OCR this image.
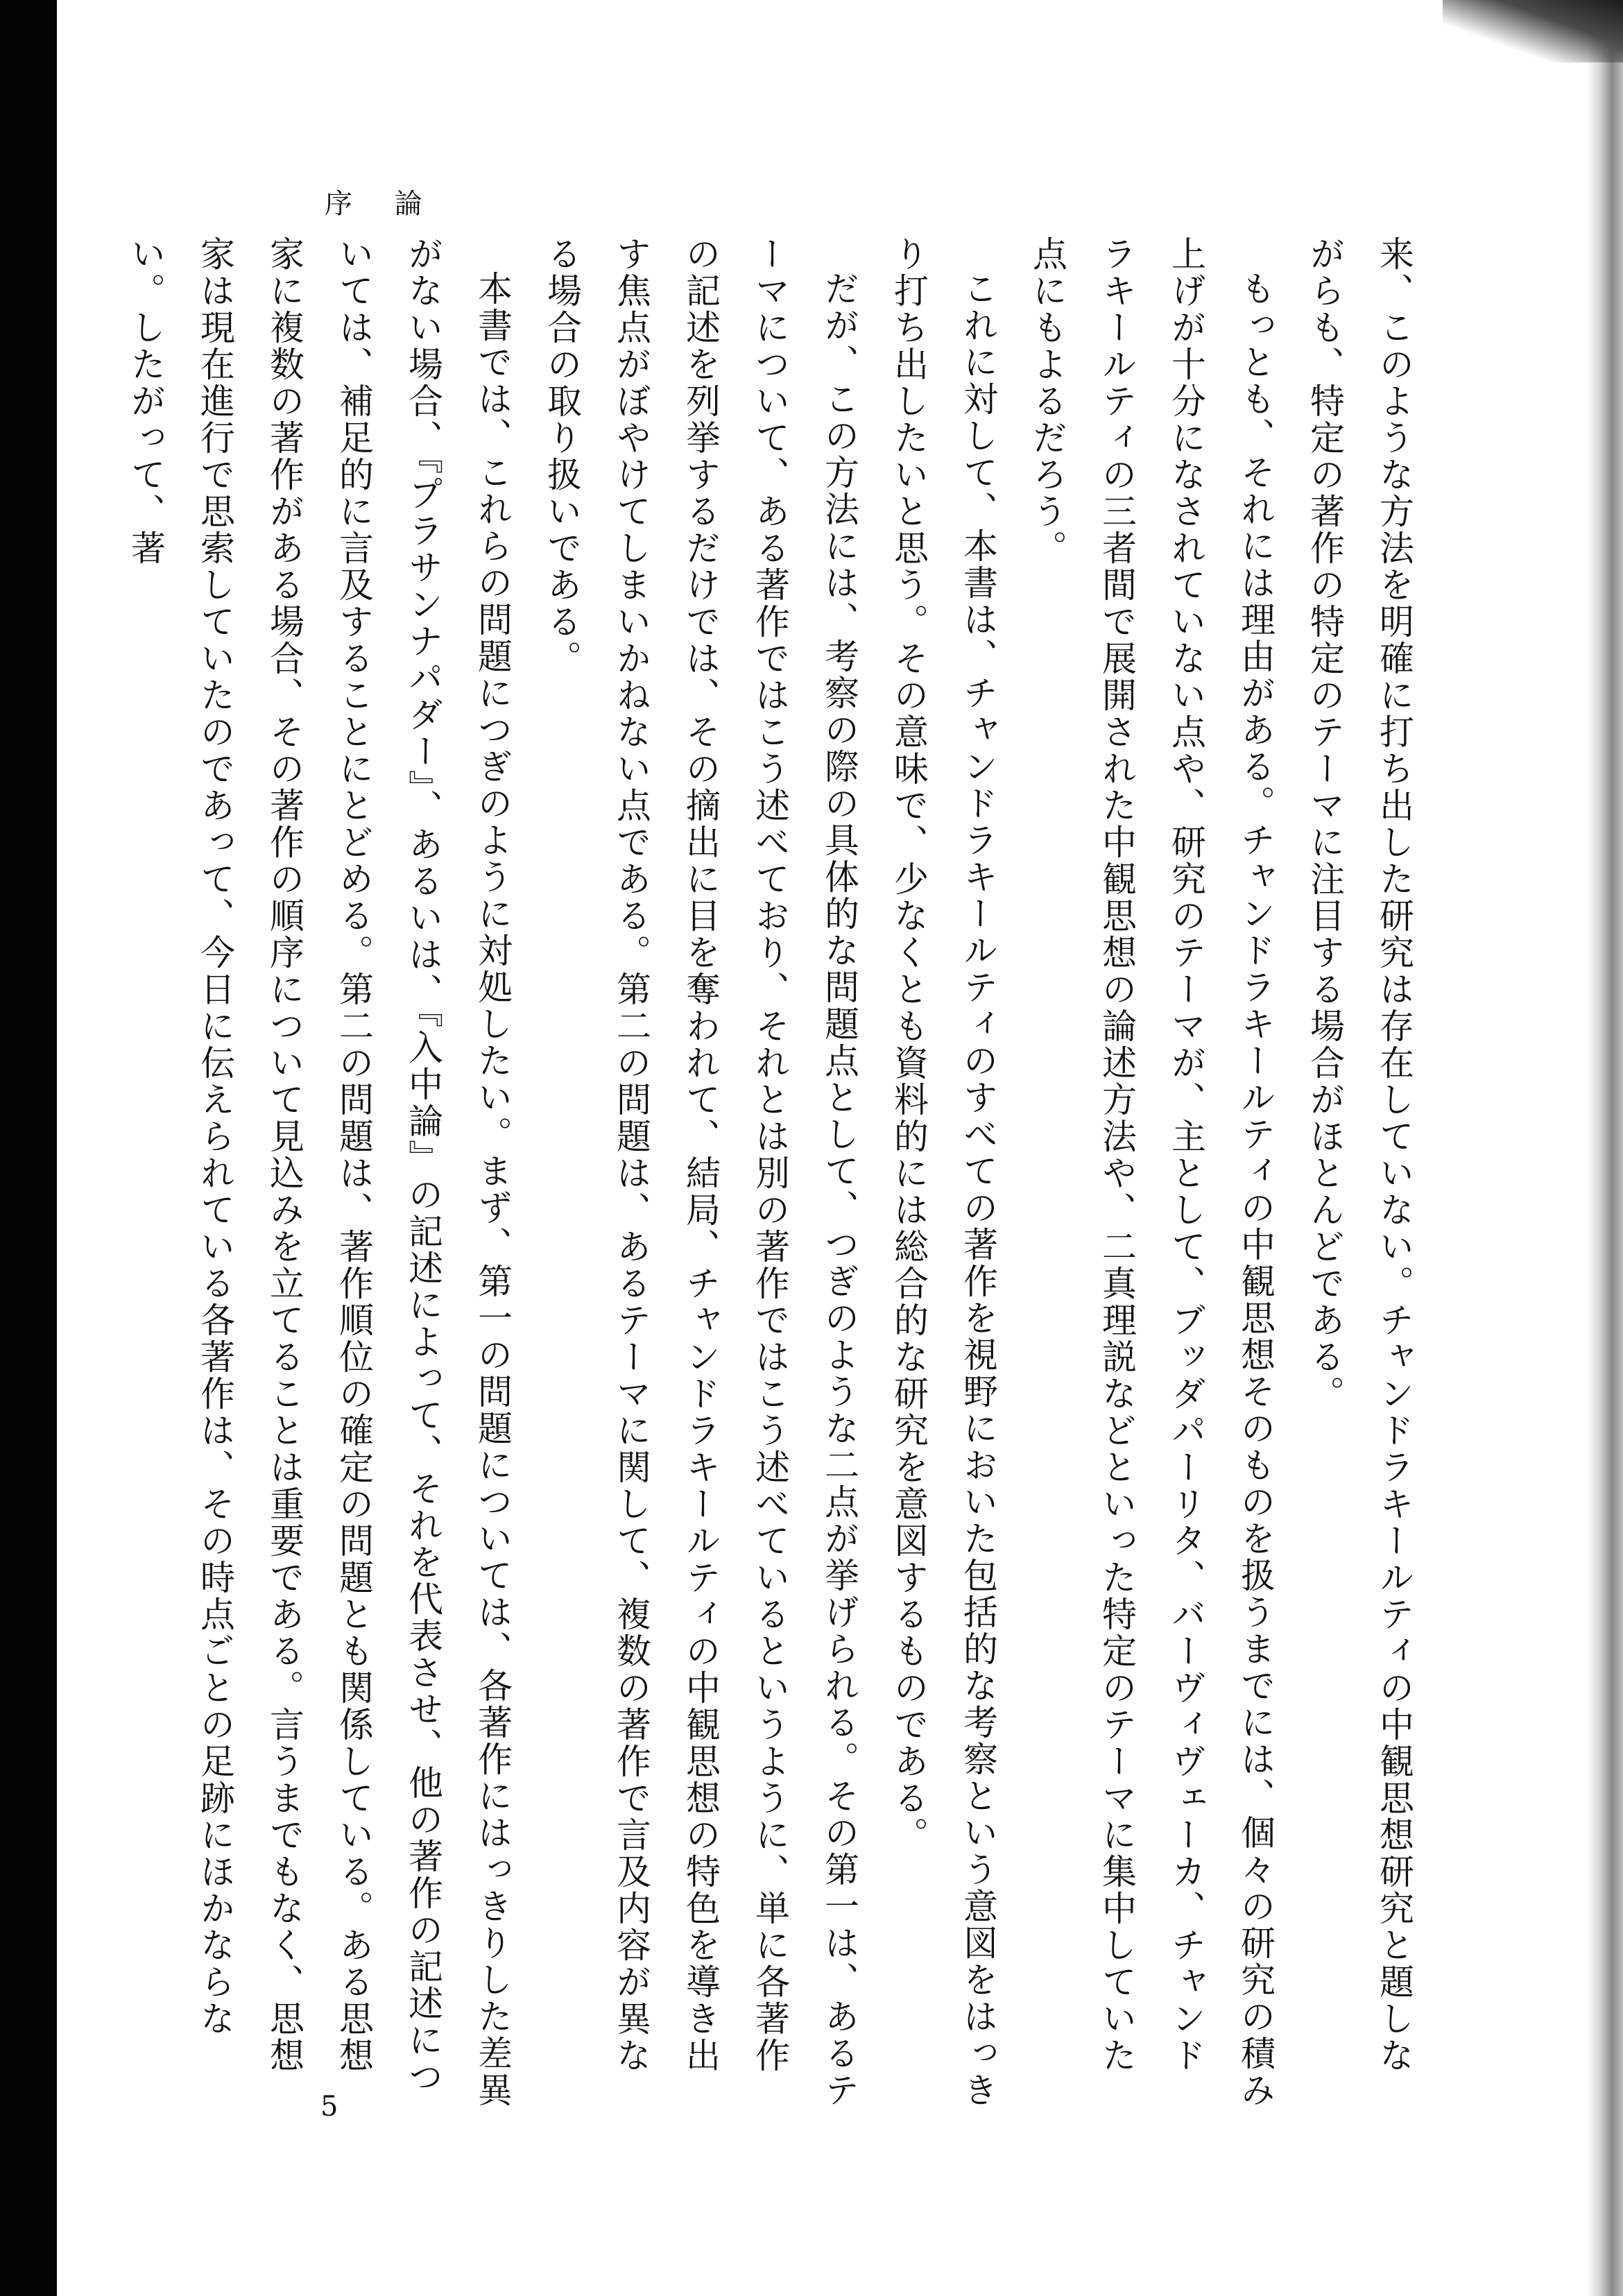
序 論

来、このような方法を明確に打ち出した研究は存在していない。チャンドラキールティの中観思想研究と題しながらも、特定の著作の特定のテーマに注目する場合がほとんどである。

もっとも、それには理由がある。チャンドラキールティの中観思想そのものを扱うまでには、個々の研究の積み上げが十分になされていない点や、研究のテーマが、主として、ブッダパーリタ、バーヴィヴェーカ、チャンドラキールティの三者間で展開された中観思想の論述方法や、二真理説などといった特定のテーマに集中していた点にもよるだろう。

これに対して、本書は、チャンドラキールティのすべての著作を視野においた包括的な考察という意図をはっきり打ち出したいと思う。その意味で、少なくとも資料的には総合的な研究を意図するものである。

だが、この方法には、考察の際の具体的な問題点として、つぎのような二点が挙げられる。その第一は、あるテーマについて、ある著作ではこう述べており、それとは別の著作ではこう述べているというように、単に各著作の記述を列挙するだけでは、その摘出に目を奪われて、結局、チャンドラキールティの中観思想の特色を導き出す焦点がぼやけてしまいかねない点である。第二の問題は、あるテーマに関して、複数の著作で言及内容が異なる場合の取り扱いである。

本書では、これらの問題につぎのように対処したい。まず、第一の問題については、各著作にはっきりした差異がない場合、『プラサンナパダー』、あるいは、『入中論』の記述によって、それを代表させ、他の著作の記述については、補足的に言及することにとどめる。第二の問題は、著作順位の確定の問題とも関係している。ある思想家に複数の著作がある場合、その著作の順序について見込みを立てることは重要である。言うまでもなく、思想家は現在進行で思索していたのであって、今日に伝えられている各著作は、その時点ごとの足跡にほかならない。したがって、著

5
